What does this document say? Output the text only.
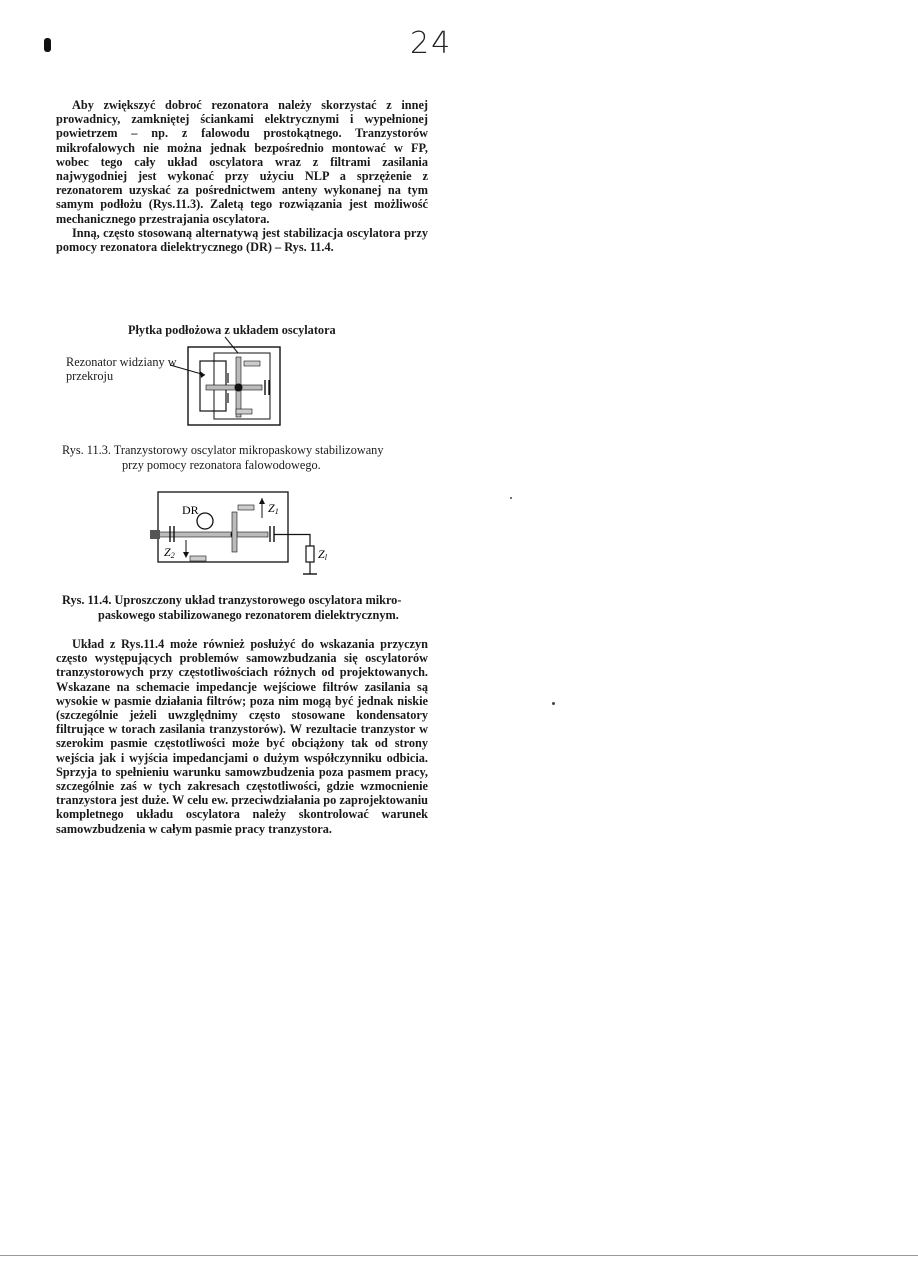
24

Aby zwiększyć dobroć rezonatora należy skorzystać z innej prowadnicy, zamkniętej ściankami elektrycznymi i wypełnionej powietrzem – np. z falowodu prostokątnego. Tranzystorów mikrofalowych nie można jednak bezpośrednio montować w FP, wobec tego cały układ oscylatora wraz z filtrami zasilania najwygodniej jest wykonać przy użyciu NLP a sprzężenie z rezonatorem uzyskać za pośrednictwem anteny wykonanej na tym samym podłożu (Rys.11.3). Zaletą tego rozwiązania jest możliwość mechanicznego przestrajania oscylatora.

Inną, często stosowaną alternatywą jest stabilizacja oscylatora przy pomocy rezonatora dielektrycznego (DR) – Rys. 11.4.

Płytka podłożowa z układem oscylatora
Rezonator widziany w przekroju
Rys. 11.3. Tranzystorowy oscylator mikropaskowy stabilizowany
przy pomocy rezonatora falowodowego.
DR	Z1
Z2	Zl
Rys. 11.4. Uproszczony układ tranzystorowego oscylatora mikro-
paskowego stabilizowanego rezonatorem dielektrycznym.

Układ z Rys.11.4 może również posłużyć do wskazania przyczyn często występujących problemów samowzbudzania się oscylatorów tranzystorowych przy częstotliwościach różnych od projektowanych. Wskazane na schemacie impedancje wejściowe filtrów zasilania są wysokie w pasmie działania filtrów; poza nim mogą być jednak niskie (szczególnie jeżeli uwzględnimy często stosowane kondensatory filtrujące w torach zasilania tranzystorów). W rezultacie tranzystor w szerokim pasmie częstotliwości może być obciążony tak od strony wejścia jak i wyjścia impedancjami o dużym współczynniku odbicia. Sprzyja to spełnieniu warunku samowzbudzenia poza pasmem pracy, szczególnie zaś w tych zakresach częstotliwości, gdzie wzmocnienie tranzystora jest duże. W celu ew. przeciwdziałania po zaprojektowaniu kompletnego układu oscylatora należy skontrolować warunek samowzbudzenia w całym pasmie pracy tranzystora.
